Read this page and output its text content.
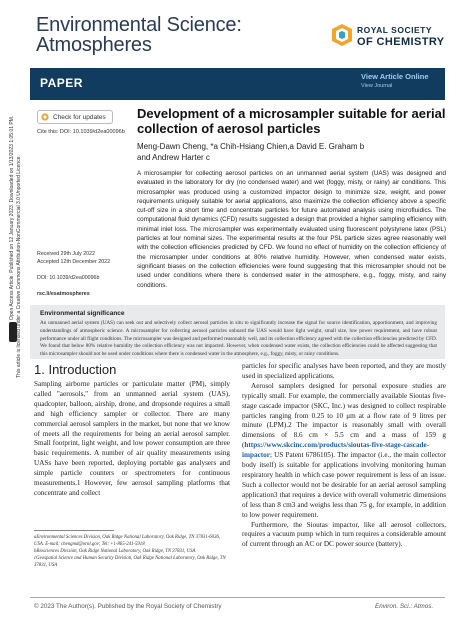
Environmental Science: Atmospheres
ROYAL SOCIETY
OF CHEMISTRY
PAPER	View Article Online
View Journal
Open Access Article. Published on 12 January 2023. Downloaded on 1/13/2023 1:05:01 PM. This article is licensed under a Creative Commons Attribution-NonCommercial 3.0 Unported Licence.
Check for updates
Cite this: DOI: 10.1039/d2ea00096b
Development of a microsampler suitable for aerial collection of aerosol particles
Meng-Dawn Cheng, *a Chih-Hsiang Chien,a David E. Graham b
and Andrew Harter c
A microsampler for collecting aerosol particles on an unmanned aerial system (UAS) was designed and evaluated in the laboratory for dry (no condensed water) and wet (foggy, misty, or rainy) air conditions. This microsampler was produced using a customized impactor design to minimize size, weight, and power requirements uniquely suitable for aerial applications, also maximize the collection efficiency above a specific cut-off size in a short time and concentrate particles for future automated analysis using microfluidics. The computational fluid dynamics (CFD) results suggested a design that provided a higher sampling efficiency with minimal inlet loss. The microsampler was experimentally evaluated using fluorescent polystyrene latex (PSL) particles at four nominal sizes. The experimental results at the four PSL particle sizes agree reasonably well with the collection efficiencies predicted by CFD. We found no effect of humidity on the collection efficiency of the microsampler under conditions at 80% relative humidity. However, when condensed water exists, significant biases on the collection efficiencies were found suggesting that this microsampler should not be used under conditions where there is condensed water in the atmosphere, e.g., foggy, misty, and rainy conditions.
Received 29th July 2022
Accepted 12th December 2022
DOI: 10.1039/d2ea00096b
rsc.li/esatmospheres
Environmental significance
An unmanned aerial system (UAS) can seek out and selectively collect aerosol particles in situ to significantly increase the signal for source identification, apportionment, and improving understandings of atmospheric science. A microsampler for collecting aerosol particles onboard the UAS would have light weight, small size, low power requirement, and have robust performance under all flight conditions. The microsampler was designed and performed reasonably well, and its collection efficiency agreed with the collection efficiencies predicted by CFD. We found that below 80% relative humidity the collection efficiency was not impacted. However, when condensed water exists, the collection efficiencies could be affected suggesting that this microsampler should not be used under conditions where there is condensed water in the atmosphere, e.g., foggy, misty, or rainy conditions.
1. Introduction

Sampling airborne particles or particulate matter (PM), simply called "aerosols," from an unmanned aerial system (UAS), quadcopter, balloon, airship, drone, and dropsonde requires a small and high efficiency sampler or collector. There are many commercial aerosol samplers in the market, but none that we know of meets all the requirements for being an aerial aerosol sampler. Small footprint, light weight, and low power consumption are three basic requirements. A number of air quality measurements using UASs have been reported, deploying portable gas analysers and simple particle counters or spectrometers for continuous measurements.1 However, few aerosol sampling platforms that concentrate and collect

aEnvironmental Sciences Division, Oak Ridge National Laboratory, Oak Ridge, TN 37831-6036, USA. E-mail: chengmd@ornl.gov; Tel: +1-865-241-5918
bBiosciences Division, Oak Ridge National Laboratory, Oak Ridge, TN 37831, USA
cGeospatial Science and Human Security Division, Oak Ridge National Laboratory, Oak Ridge, TN 37831, USA

particles for specific analyses have been reported, and they are mostly used in specialized applications.

Aerosol samplers designed for personal exposure studies are typically small. For example, the commercially available Sioutas five-stage cascade impactor (SKC, Inc.) was designed to collect respirable particles ranging from 0.25 to 10 μm at a flow rate of 9 litres per minute (LPM).2 The impactor is reasonably small with overall dimensions of 8.6 cm × 5.5 cm and a mass of 159 g (https://www.skcinc.com/products/sioutas-five-stage-cascade-impactor; US Patent 6786105). The impactor (i.e., the main collector body itself) is suitable for applications involving monitoring human respiratory health in which case power requirement is less of an issue. Such a collector would not be desirable for an aerial aerosol sampling application3 that requires a device with overall volumetric dimensions of less than 8 cm3 and weighs less than 75 g, for example, in addition to low power requirement.

Furthermore, the Sioutas impactor, like all aerosol collectors, requires a vacuum pump which in turn requires a considerable amount of current through an AC or DC power source (battery).

© 2023 The Author(s). Published by the Royal Society of Chemistry	Environ. Sci.: Atmos.
